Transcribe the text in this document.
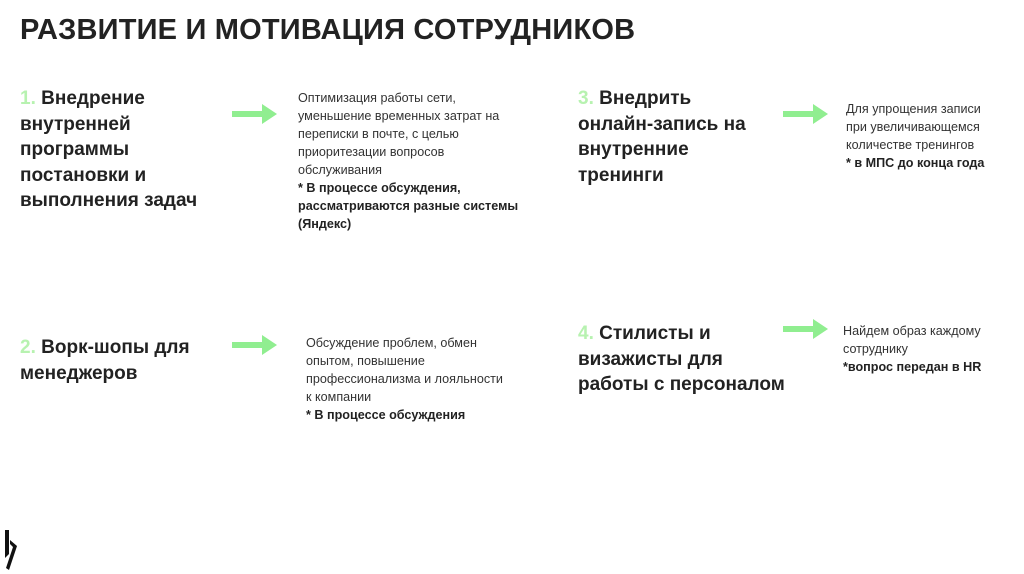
РАЗВИТИЕ И МОТИВАЦИЯ СОТРУДНИКОВ
1. Внедрение
внутренней
программы
постановки и
выполнения задач
Оптимизация работы сети,
уменьшение временных затрат на
переписки в почте, с целью
приоритезации вопросов
обслуживания
* В процессе обсуждения,
рассматриваются разные системы
(Яндекс)
2. Ворк-шопы для
менеджеров
Обсуждение проблем, обмен
опытом, повышение
профессионализма и лояльности
к компании
* В процессе обсуждения
3. Внедрить
онлайн-запись на
внутренние
тренинги
Для упрощения записи
при увеличивающемся
количестве тренингов
* в МПС до конца года
4. Стилисты и
визажисты для
работы с персоналом
Найдем образ каждому
сотруднику
*вопрос передан в HR
